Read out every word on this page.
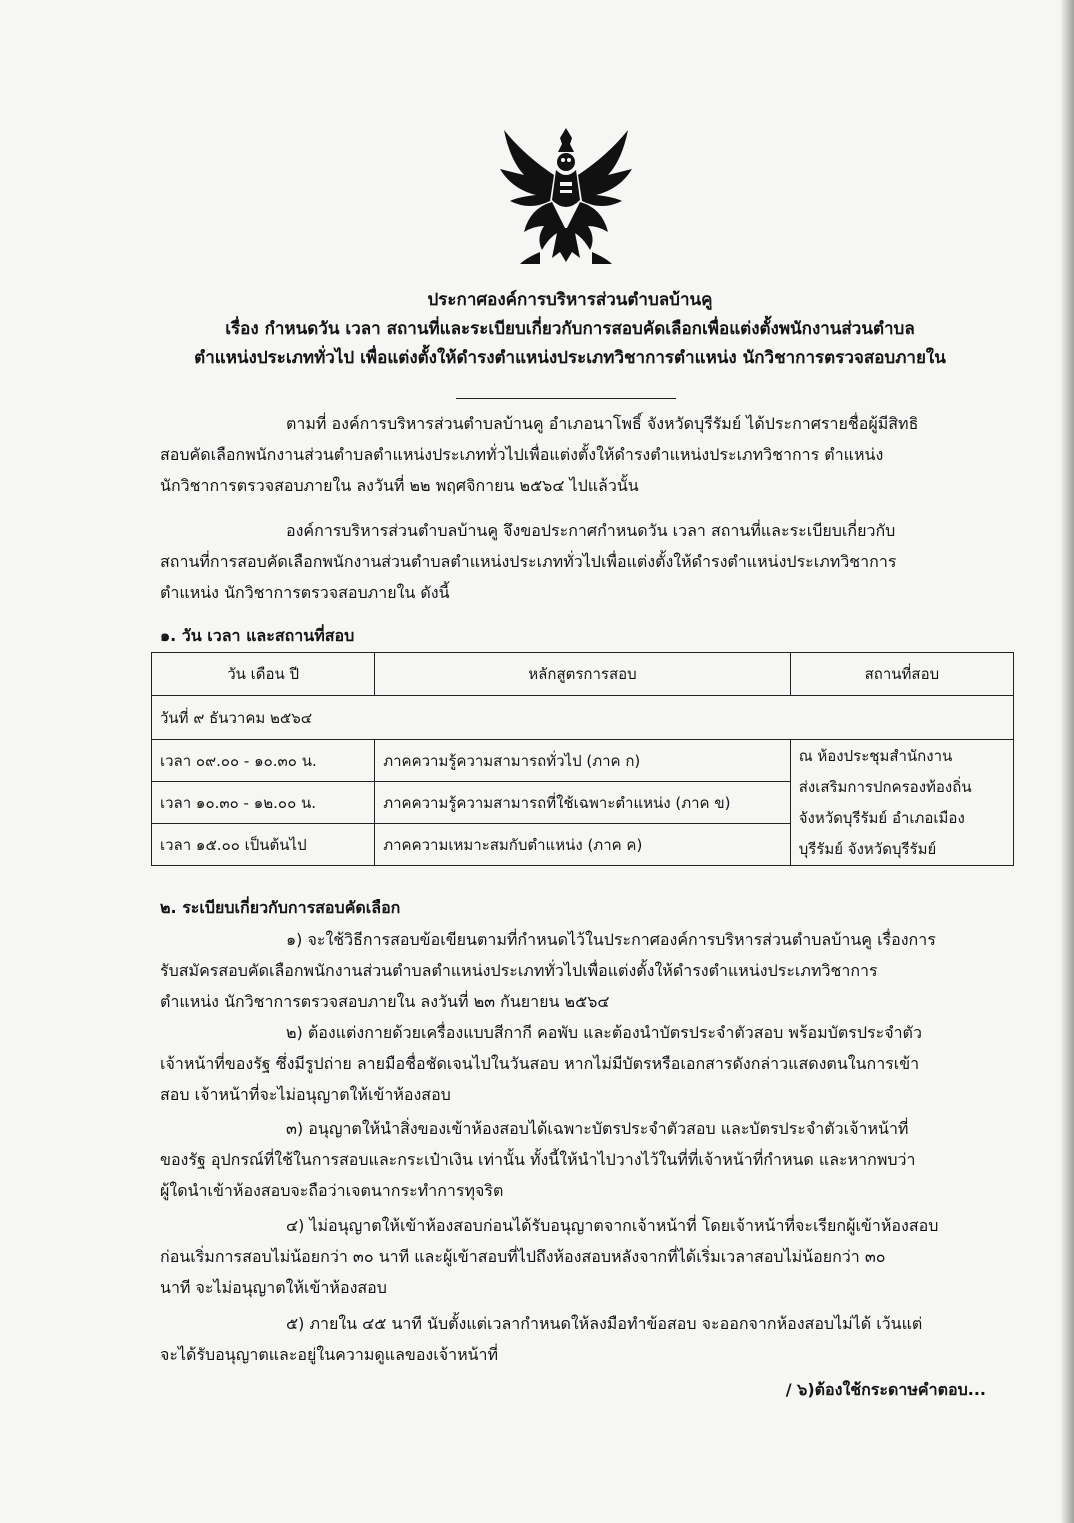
ประกาศองค์การบริหารส่วนตำบลบ้านคู
เรื่อง กำหนดวัน เวลา สถานที่และระเบียบเกี่ยวกับการสอบคัดเลือกเพื่อแต่งตั้งพนักงานส่วนตำบล
ตำแหน่งประเภททั่วไป เพื่อแต่งตั้งให้ดำรงตำแหน่งประเภทวิชาการตำแหน่ง นักวิชาการตรวจสอบภายใน
ตามที่ องค์การบริหารส่วนตำบลบ้านคู อำเภอนาโพธิ์ จังหวัดบุรีรัมย์ ได้ประกาศรายชื่อผู้มีสิทธิ
สอบคัดเลือกพนักงานส่วนตำบลตำแหน่งประเภททั่วไปเพื่อแต่งตั้งให้ดำรงตำแหน่งประเภทวิชาการ ตำแหน่ง
นักวิชาการตรวจสอบภายใน ลงวันที่ ๒๒ พฤศจิกายน ๒๕๖๔ ไปแล้วนั้น
องค์การบริหารส่วนตำบลบ้านคู จึงขอประกาศกำหนดวัน เวลา สถานที่และระเบียบเกี่ยวกับ
สถานที่การสอบคัดเลือกพนักงานส่วนตำบลตำแหน่งประเภททั่วไปเพื่อแต่งตั้งให้ดำรงตำแหน่งประเภทวิชาการ
ตำแหน่ง นักวิชาการตรวจสอบภายใน ดังนี้
๑. วัน เวลา และสถานที่สอบ
วัน เดือน ปี	หลักสูตรการสอบ	สถานที่สอบ
วันที่ ๙ ธันวาคม ๒๕๖๔		
เวลา ๐๙.๐๐ - ๑๐.๓๐ น.	ภาคความรู้ความสามารถทั่วไป (ภาค ก)	ณ ห้องประชุมสำนักงาน
ส่งเสริมการปกครองท้องถิ่น
จังหวัดบุรีรัมย์ อำเภอเมือง
บุรีรัมย์ จังหวัดบุรีรัมย์

เวลา ๑๐.๓๐ - ๑๒.๐๐ น.	ภาคความรู้ความสามารถที่ใช้เฉพาะตำแหน่ง (ภาค ข)	
เวลา ๑๕.๐๐ เป็นต้นไป	ภาคความเหมาะสมกับตำแหน่ง (ภาค ค)	
๒. ระเบียบเกี่ยวกับการสอบคัดเลือก
๑) จะใช้วิธีการสอบข้อเขียนตามที่กำหนดไว้ในประกาศองค์การบริหารส่วนตำบลบ้านคู เรื่องการ
รับสมัครสอบคัดเลือกพนักงานส่วนตำบลตำแหน่งประเภททั่วไปเพื่อแต่งตั้งให้ดำรงตำแหน่งประเภทวิชาการ
ตำแหน่ง นักวิชาการตรวจสอบภายใน ลงวันที่ ๒๓ กันยายน ๒๕๖๔
๒) ต้องแต่งกายด้วยเครื่องแบบสีกากี คอพับ และต้องนำบัตรประจำตัวสอบ พร้อมบัตรประจำตัว
เจ้าหน้าที่ของรัฐ ซึ่งมีรูปถ่าย ลายมือชื่อชัดเจนไปในวันสอบ หากไม่มีบัตรหรือเอกสารดังกล่าวแสดงตนในการเข้า
สอบ เจ้าหน้าที่จะไม่อนุญาตให้เข้าห้องสอบ
๓) อนุญาตให้นำสิ่งของเข้าห้องสอบได้เฉพาะบัตรประจำตัวสอบ และบัตรประจำตัวเจ้าหน้าที่
ของรัฐ อุปกรณ์ที่ใช้ในการสอบและกระเป๋าเงิน เท่านั้น ทั้งนี้ให้นำไปวางไว้ในที่ที่เจ้าหน้าที่กำหนด และหากพบว่า
ผู้ใดนำเข้าห้องสอบจะถือว่าเจตนากระทำการทุจริต
๔) ไม่อนุญาตให้เข้าห้องสอบก่อนได้รับอนุญาตจากเจ้าหน้าที่ โดยเจ้าหน้าที่จะเรียกผู้เข้าห้องสอบ
ก่อนเริ่มการสอบไม่น้อยกว่า ๓๐ นาที และผู้เข้าสอบที่ไปถึงห้องสอบหลังจากที่ได้เริ่มเวลาสอบไม่น้อยกว่า ๓๐
นาที จะไม่อนุญาตให้เข้าห้องสอบ
๕) ภายใน ๔๕ นาที นับตั้งแต่เวลากำหนดให้ลงมือทำข้อสอบ จะออกจากห้องสอบไม่ได้ เว้นแต่
จะได้รับอนุญาตและอยู่ในความดูแลของเจ้าหน้าที่
/ ๖)ต้องใช้กระดาษคำตอบ...
